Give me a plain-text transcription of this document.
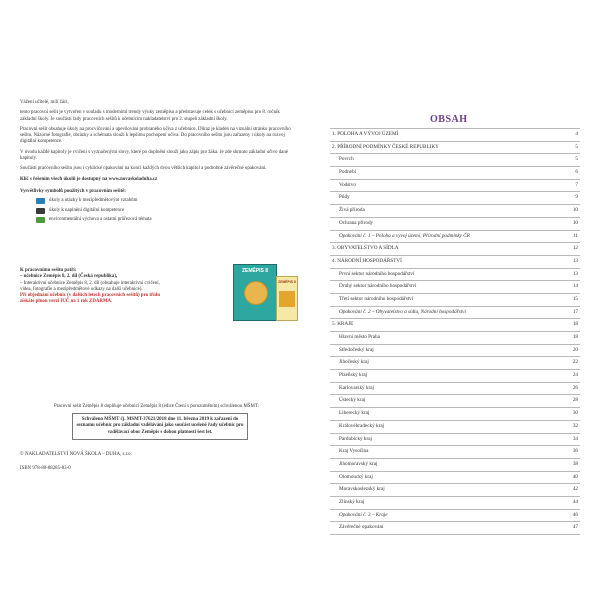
Vážení učitelé, milí žáci,

tento pracovní sešit je vytvořen v souladu s moderními trendy výuky zeměpisu a představuje celek s učebnicí zeměpisu pro 8. ročník základní školy. Je součástí řady pracovních sešitů k učebnicím nakladatelství pro 2. stupeň základní školy.

Pracovní sešit obsahuje úkoly na procvičování a upevňování probraného učiva z učebnice. Důraz je kladen na vizuální stránku pracovního sešitu. Názorné fotografie, obrázky a schémata slouží k lepšímu pochopení učiva. Do pracovního sešitu jsou zařazeny i úkoly na rozvoj digitální kompetence.

V úvodu každé kapitoly je cvičení s vyznačenými slovy, které po doplnění slouží jako zápis pro žáka. Je zde shrnuto základní učivo dané kapitoly.

Součástí pracovního sešitu jsou i cyklické opakování na konci každých dvou větších kapitol a podrobné závěrečné opakování.

Klíč s řešením všech úkolů je dostupný na www.novaskoladuha.cz

Vysvětlivky symbolů použitých v pracovním sešitě:
úkoly a otázky k mezipředmětovým vztahům
úkoly k naplnění digitální kompetence
environmentální výchova a ostatní průřezová témata
K pracovnímu sešitu patří:
– učebnice Zeměpis 8, 2. díl (Česká republika),
– Interaktivní učebnice Zeměpis 8, 2. díl (obsahuje interaktivní cvičení, videa, fotografie a mezipředmětové odkazy na další učebnice).
Při objednání učebnic (v dalších letech pracovních sešitů) pro třídu získáte plnou verzi IUČ na 1 rok ZDARMA.
ZEMĚPIS 8
ZEMĚPIS 8
Pracovní sešit Zeměpis 8 doplňuje učebnici Zeměpis 8 (edice Čtení s porozuměním) schválenou MŠMT:
Schváleno MŠMT čj. MSMT-37621/2018 dne 11. března 2019 k zařazení do seznamu učebnic pro základní vzdělávání jako součást ucelené řady učebnic pro vzdělávací obor Zeměpis s dobou platnosti šest let.
© NAKLADATELSTVÍ NOVÁ ŠKOLA – DUHA, s.r.o.
ISBN 978-80-88285-83-0
OBSAH
1. POLOHA A VÝVOJ ÚZEMÍ	4
2. PŘÍRODNÍ PODMÍNKY ČESKÉ REPUBLIKY	5
Povrch	5
Podnebí	6
Vodstvo	7
Půdy	9
Živá příroda	10
Ochrana přírody	10
Opakování č. 1 – Poloha a vývoj území, Přírodní podmínky ČR	11
3. OBYVATELSTVO A SÍDLA	12
4. NÁRODNÍ HOSPODÁŘSTVÍ	13
První sektor národního hospodářství	13
Druhý sektor národního hospodářství	14
Třetí sektor národního hospodářství	15
Opakování č. 2 – Obyvatelstvo a sídla, Národní hospodářství	17
5. KRAJE	18
Hlavní město Praha	18
Středočeský kraj	20
Jihočeský kraj	22
Plzeňský kraj	24
Karlovarský kraj	26
Ústecký kraj	28
Liberecký kraj	30
Královéhradecký kraj	32
Pardubický kraj	34
Kraj Vysočina	36
Jihomoravský kraj	38
Olomoucký kraj	40
Moravskoslezský kraj	42
Zlínský kraj	44
Opakování č. 3 – Kraje	46
Závěrečné opakování	47
